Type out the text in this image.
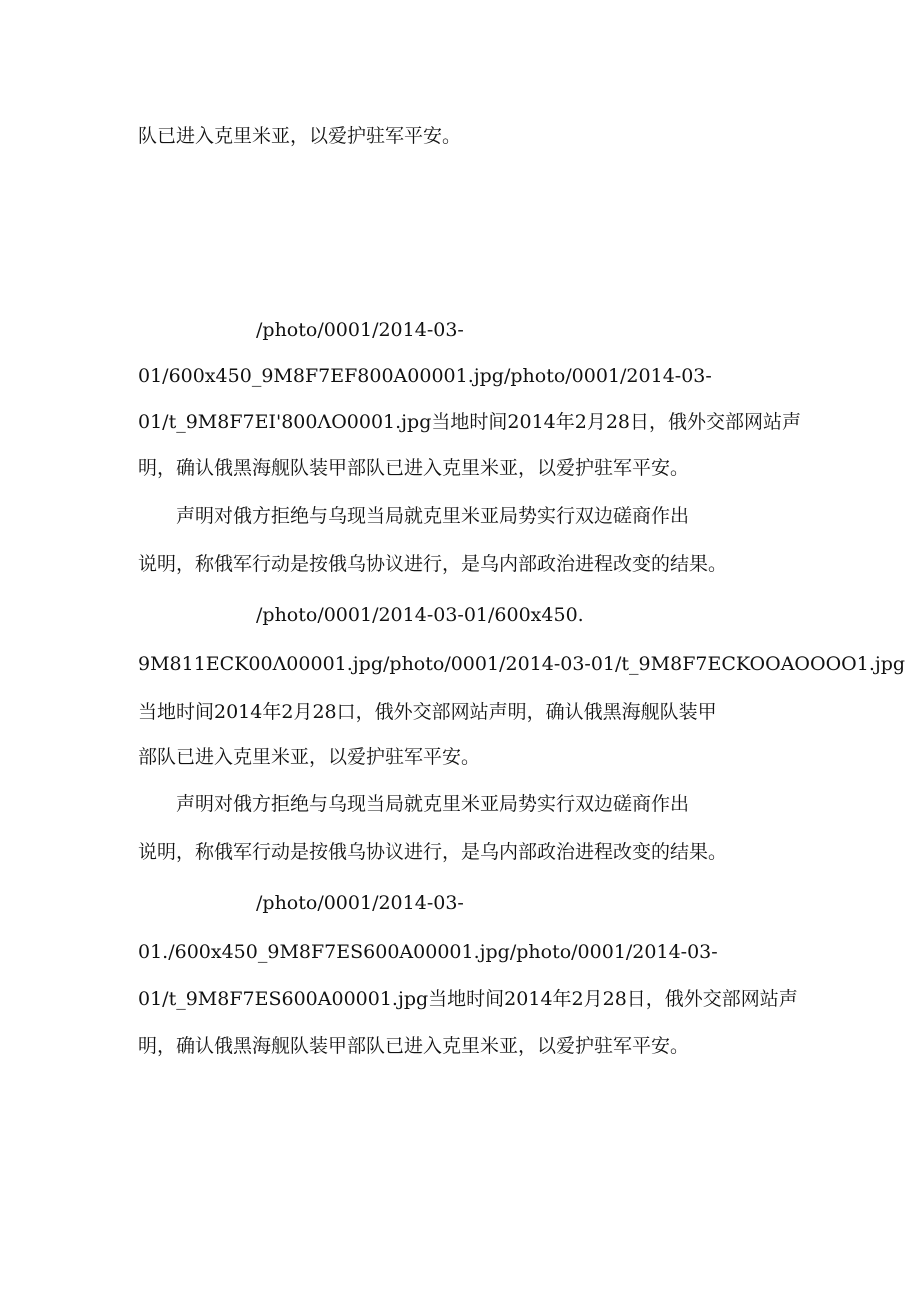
队已进入克里米亚，以爱护驻军平安。
/photo/0001/2014-03-
01/600x450_9M8F7EF800A00001.jpg/photo/0001/2014-03-
01/t_9M8F7EI'800ΛO0001.jpg当地时间2014年2月28日，俄外交部网站声
明，确认俄黑海舰队装甲部队已进入克里米亚，以爱护驻军平安。
声明对俄方拒绝与乌现当局就克里米亚局势实行双边磋商作出
说明，称俄军行动是按俄乌协议进行，是乌内部政治进程改变的结果。
/photo/0001/2014-03-01/600x450.
9M811ECK00Λ00001.jpg/photo/0001/2014-03-01/t_9M8F7ECKOOAOOOO1.jpg
当地时间2014年2月28口，俄外交部网站声明，确认俄黑海舰队装甲
部队已进入克里米亚，以爱护驻军平安。
声明对俄方拒绝与乌现当局就克里米亚局势实行双边磋商作出
说明，称俄军行动是按俄乌协议进行，是乌内部政治进程改变的结果。
/photo/0001/2014-03-
01./600x450_9M8F7ES600A00001.jpg/photo/0001/2014-03-
01/t_9M8F7ES600A00001.jpg当地时间2014年2月28日，俄外交部网站声
明，确认俄黑海舰队装甲部队已进入克里米亚，以爱护驻军平安。
